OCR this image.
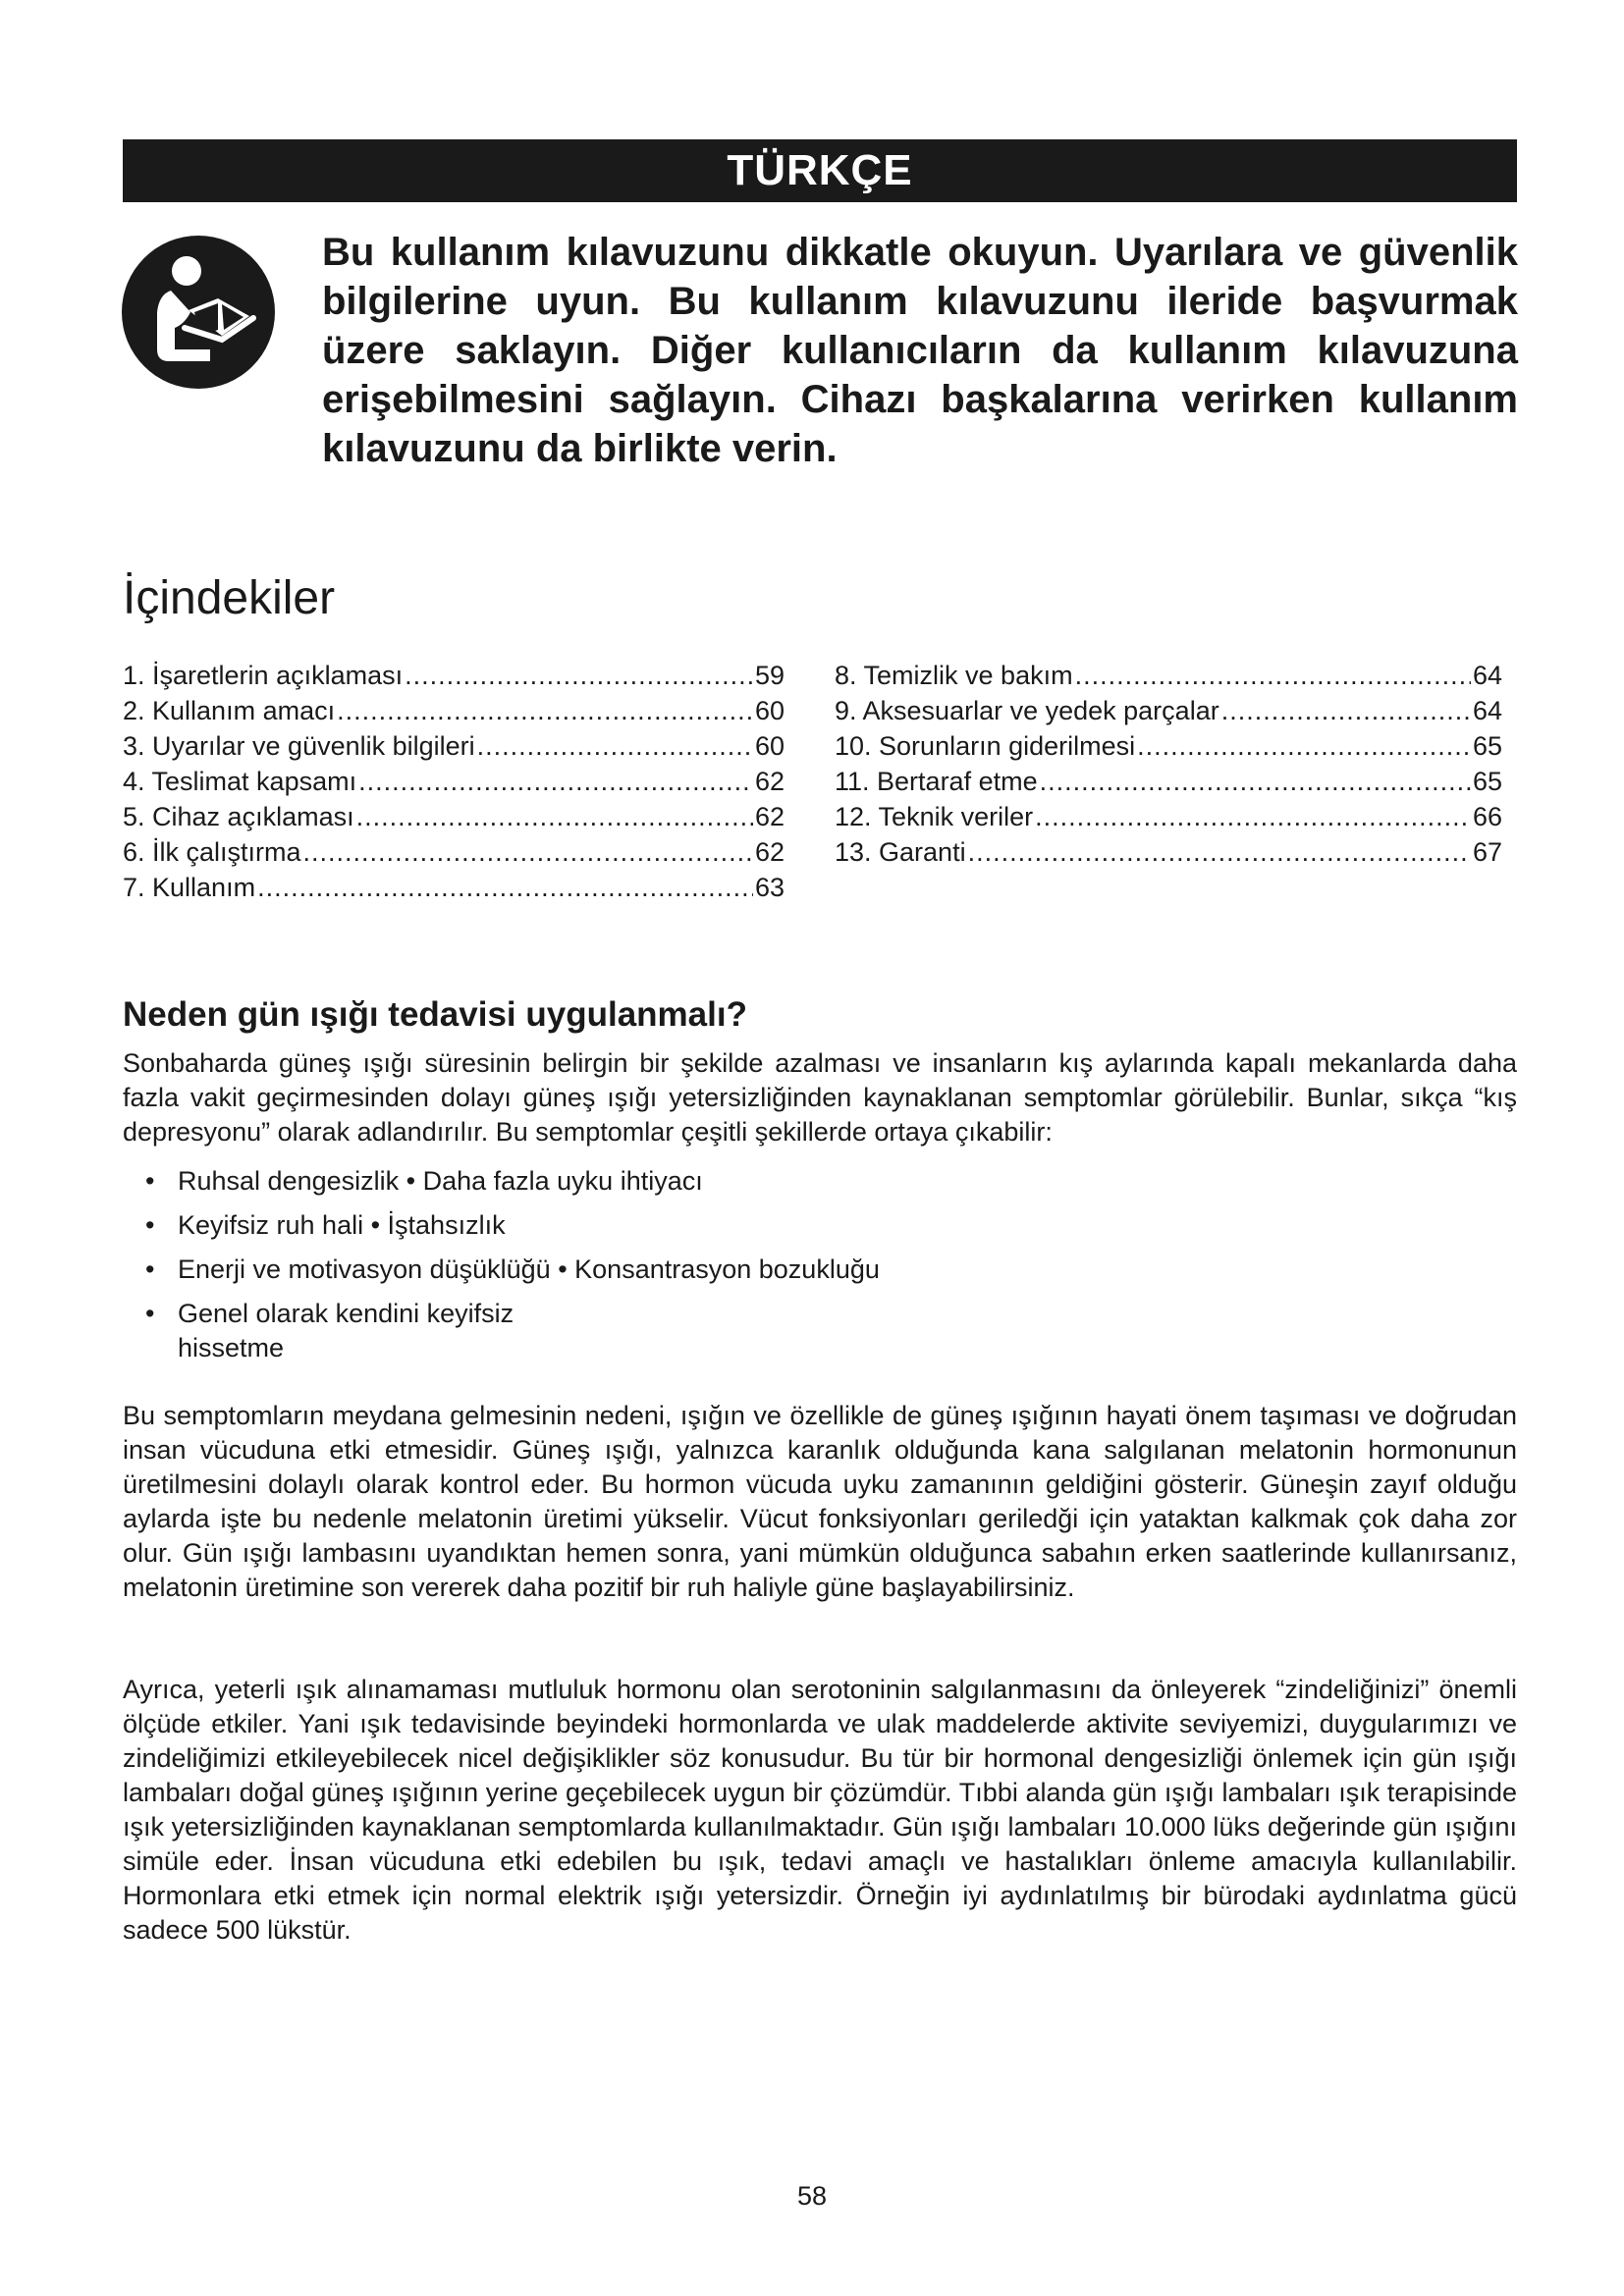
TÜRKÇE
Bu kullanım kılavuzunu dikkatle okuyun. Uyarılara ve güvenlik bilgilerine uyun. Bu kullanım kılavuzunu ileride başvurmak üzere saklayın. Diğer kullanıcıların da kullanım kılavuzuna erişebilmesini sağlayın. Cihazı başkalarına verirken kullanım kılavuzunu da birlikte verin.
İçindekiler
1. İşaretlerin açıklaması .....	59
2. Kullanım amacı .....	60
3. Uyarılar ve güvenlik bilgileri .....	60
4. Teslimat kapsamı .....	62
5. Cihaz açıklaması .....	62
6. İlk çalıştırma .....	62
7. Kullanım .....	63
8. Temizlik ve bakım .....	64
9. Aksesuarlar ve yedek parçalar .....	64
10. Sorunların giderilmesi .....	65
11. Bertaraf etme .....	65
12. Teknik veriler .....	66
13. Garanti .....	67
Neden gün ışığı tedavisi uygulanmalı?
Sonbaharda güneş ışığı süresinin belirgin bir şekilde azalması ve insanların kış aylarında kapalı mekanlarda daha fazla vakit geçirmesinden dolayı güneş ışığı yetersizliğinden kaynaklanan semptomlar görülebilir. Bunlar, sıkça “kış depresyonu” olarak adlandırılır. Bu semptomlar çeşitli şekillerde ortaya çıkabilir:
• Ruhsal dengesizlik • Daha fazla uyku ihtiyacı
• Keyifsiz ruh hali • İştahsızlık
• Enerji ve motivasyon düşüklüğü • Konsantrasyon bozukluğu
• Genel olarak kendini keyifsiz
hissetme
Bu semptomların meydana gelmesinin nedeni, ışığın ve özellikle de güneş ışığının hayati önem taşıması ve doğrudan insan vücuduna etki etmesidir. Güneş ışığı, yalnızca karanlık olduğunda kana salgılanan melatonin hormonunun üretilmesini dolaylı olarak kontrol eder. Bu hormon vücuda uyku zamanının geldiğini gösterir. Güneşin zayıf olduğu aylarda işte bu nedenle melatonin üretimi yükselir. Vücut fonksiyonları geriledği için yataktan kalkmak çok daha zor olur. Gün ışığı lambasını uyandıktan hemen sonra, yani mümkün olduğunca sabahın erken saatlerinde kullanırsanız, melatonin üretimine son vererek daha pozitif bir ruh haliyle güne başlayabilirsiniz.
Ayrıca, yeterli ışık alınamaması mutluluk hormonu olan serotoninin salgılanmasını da önleyerek “zindeliğinizi” önemli ölçüde etkiler. Yani ışık tedavisinde beyindeki hormonlarda ve ulak maddelerde aktivite seviyemizi, duygularımızı ve zindeliğimizi etkileyebilecek nicel değişiklikler söz konusudur. Bu tür bir hormonal dengesizliği önlemek için gün ışığı lambaları doğal güneş ışığının yerine geçebilecek uygun bir çözümdür. Tıbbi alanda gün ışığı lambaları ışık terapisinde ışık yetersizliğinden kaynaklanan semptomlarda kullanılmaktadır. Gün ışığı lambaları 10.000 lüks değerinde gün ışığını simüle eder. İnsan vücuduna etki edebilen bu ışık, tedavi amaçlı ve hastalıkları önleme amacıyla kullanılabilir. Hormonlara etki etmek için normal elektrik ışığı yetersizdir. Örneğin iyi aydınlatılmış bir bürodaki aydınlatma gücü sadece 500 lükstür.
58
